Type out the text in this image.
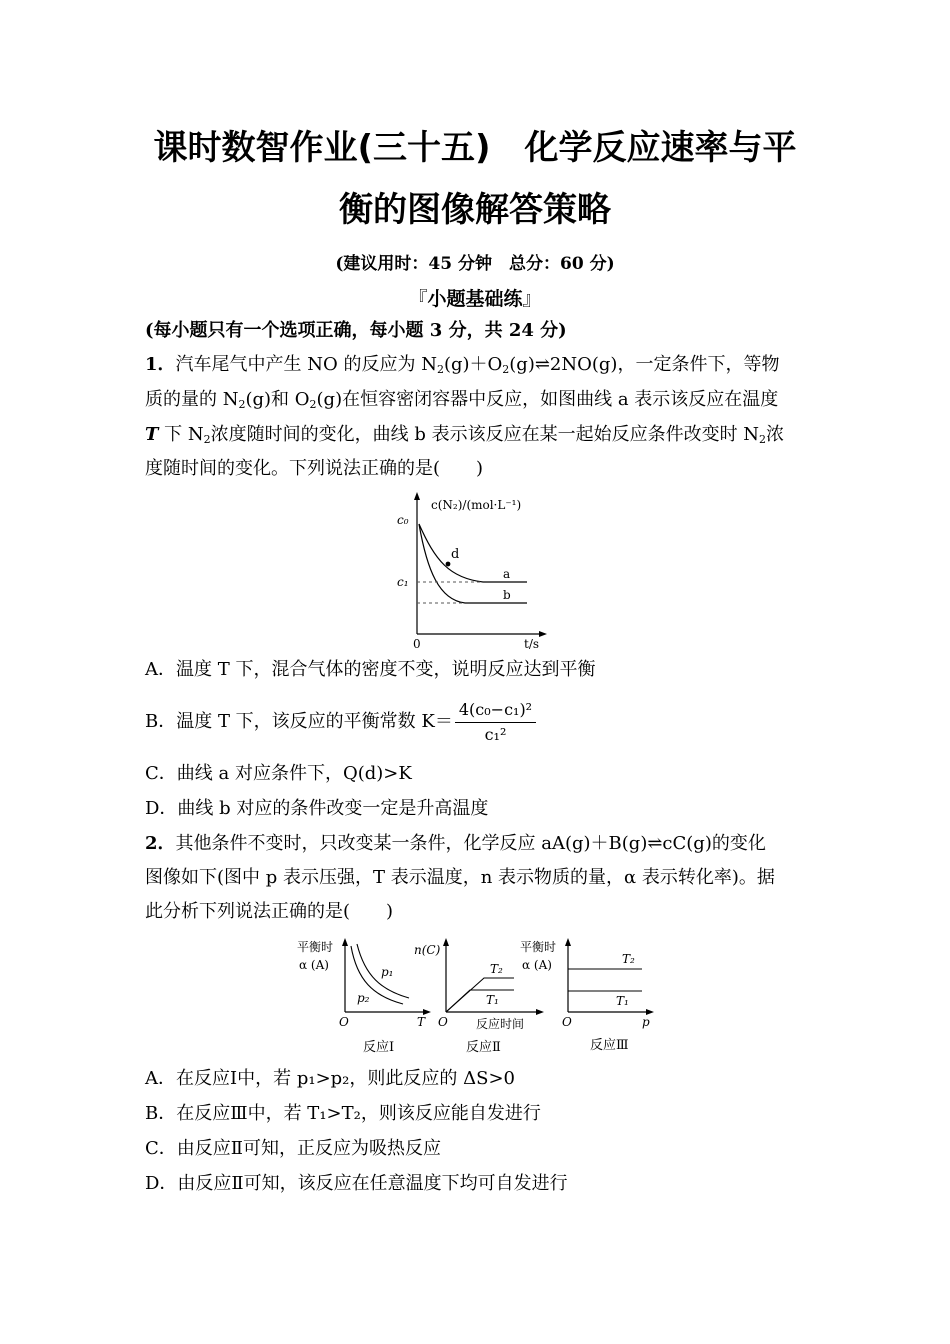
课时数智作业(三十五)　化学反应速率与平
衡的图像解答策略
(建议用时：45 分钟　总分：60 分)
『小题基础练』
(每小题只有一个选项正确，每小题 3 分，共 24 分)
1．汽车尾气中产生 NO 的反应为 $N_2(g)+O_2(g)\rightleftharpoons 2NO(g)$，一定条件下，等物
质的量的 $N_2(g)$和 $O_2(g)$在恒容密闭容器中反应，如图曲线 a 表示该反应在温度
T 下 $N_2$浓度随时间的变化，曲线 b 表示该反应在某一起始反应条件改变时 $N_2$浓
度随时间的变化。下列说法正确的是(　　)
d
c(N₂)/(mol·L⁻¹)
c₀
c₁
0	t/s
a
b
A．温度 T 下，混合气体的密度不变，说明反应达到平衡
B．温度 T 下，该反应的平衡常数 $K= \frac{\text{4(c₀−c₁)²}}{\text{c₁²}}$
C．曲线 a 对应条件下，Q(d)>K
D．曲线 b 对应的条件改变一定是升高温度
2．其他条件不变时，只改变某一条件，化学反应 aA(g)＋B(g)⇌cC(g)的变化
图像如下(图中 p 表示压强，T 表示温度，n 表示物质的量，α 表示转化率)。据
此分析下列说法正确的是(　　)
平衡时
α (A)	p₁
p₂
O	T
反应Ⅰ
n(C)
T₂
T₁
O 反应时间
反应Ⅱ
平衡时
α (A)	T₂
T₁
O	p
反应Ⅲ
A．在反应Ⅰ中，若 p₁>p₂，则此反应的 ΔS>0
B．在反应Ⅲ中，若 T₁>T₂，则该反应能自发进行
C．由反应Ⅱ可知，正反应为吸热反应
D．由反应Ⅱ可知，该反应在任意温度下均可自发进行
